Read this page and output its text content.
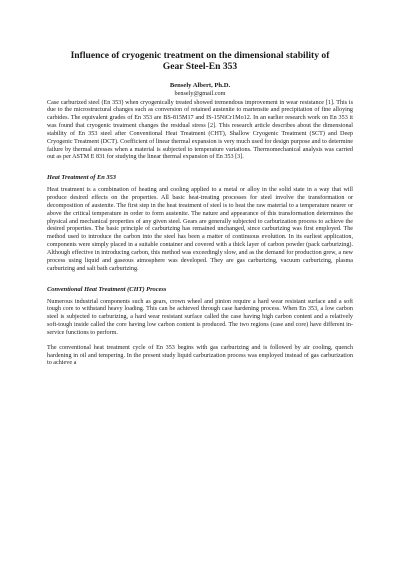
Influence of cryogenic treatment on the dimensional stability of
Gear Steel-En 353

Bensely Albert, Ph.D.

bensely@gmail.com

Case carburized steel (En 353) when cryogenically treated showed tremendous improvement in wear resistance [1]. This is due to the microstructural changes such as conversion of retained austenite to martensite and precipitation of fine alloying carbides. The equivalent grades of En 353 are BS-815M17 and IS-15NiCr1Mo12. In an earlier research work on En 353 it was found that cryogenic treatment changes the residual stress [2]. This research article describes about the dimensional stability of En 353 steel after Conventional Heat Treatment (CHT), Shallow Cryogenic Treatment (SCT) and Deep Cryogenic Treatment (DCT). Coefficient of linear thermal expansion is very much used for design purpose and to determine failure by thermal stresses when a material is subjected to temperature variations. Thermomechanical analysis was carried out as per ASTM E 831 for studying the linear thermal expansion of En 353 [3].

Heat Treatment of En 353

Heat treatment is a combination of heating and cooling applied to a metal or alloy in the solid state in a way that will produce desired effects on the properties. All basic heat-treating processes for steel involve the transformation or decomposition of austenite. The first step in the heat treatment of steel is to heat the raw material to a temperature nearer or above the critical temperature in order to form austenite. The nature and appearance of this transformation determines the physical and mechanical properties of any given steel. Gears are generally subjected to carburization process to achieve the desired properties. The basic principle of carburizing has remained unchanged, since carburizing was first employed. The method used to introduce the carbon into the steel has been a matter of continuous evolution. In its earliest application, components were simply placed in a suitable container and covered with a thick layer of carbon powder (pack carburizing). Although effective in introducing carbon, this method was exceedingly slow, and as the demand for production grew, a new process using liquid and gaseous atmosphere was developed. They are gas carburizing, vacuum carburizing, plasma carburizing and salt bath carburizing.

Conventional Heat Treatment (CHT) Process

Numerous industrial components such as gears, crown wheel and pinion require a hard wear resistant surface and a soft tough core to withstand heavy loading. This can be achieved through case hardening process. When En 353, a low carbon steel is subjected to carburizing, a hard wear resistant surface called the case having high carbon content and a relatively soft-tough inside called the core having low carbon content is produced. The two regions (case and core) have different in-service functions to perform.

The conventional heat treatment cycle of En 353 begins with gas carburizing and is followed by air cooling, quench hardening in oil and tempering. In the present study liquid carburization process was employed instead of gas carburization to achieve a
